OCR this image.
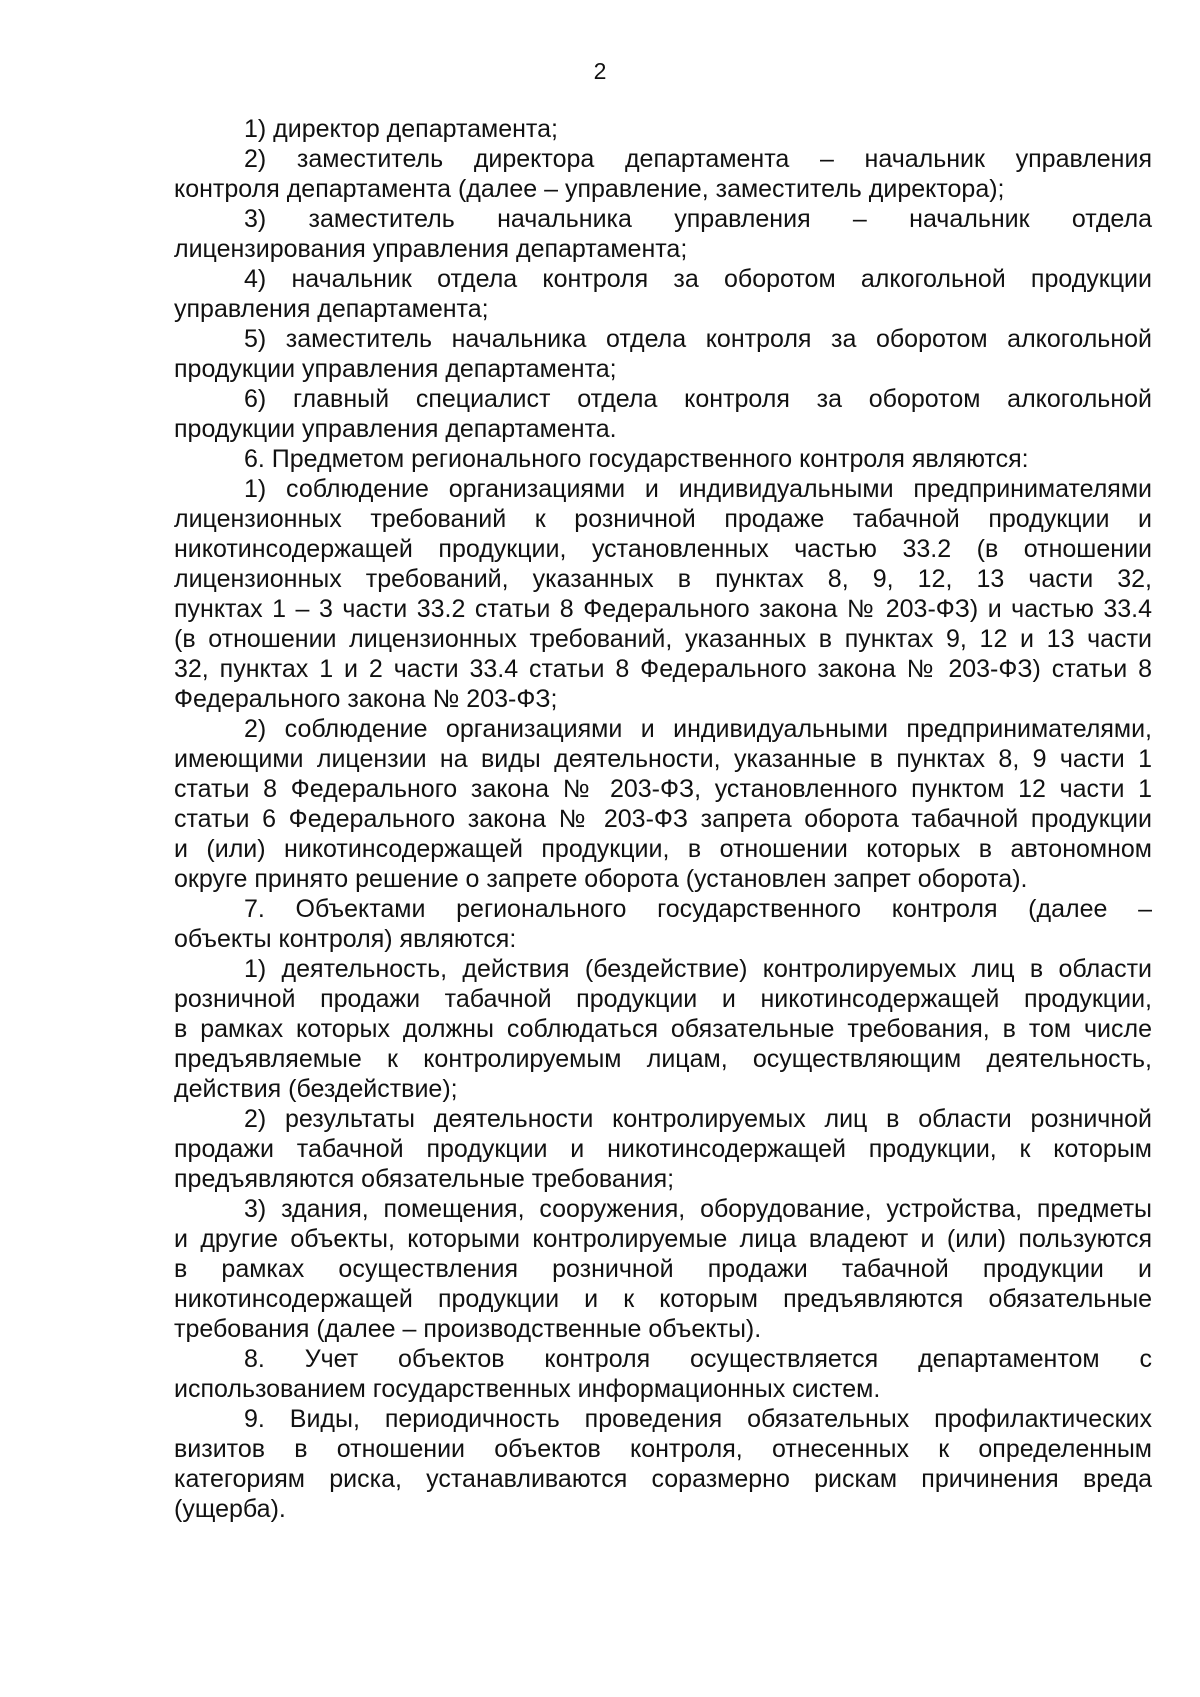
2
1) директор департамента;
2) заместитель директора департамента – начальник управления
контроля департамента (далее – управление, заместитель директора);
3) заместитель начальника управления – начальник отдела
лицензирования управления департамента;
4) начальник отдела контроля за оборотом алкогольной продукции
управления департамента;
5) заместитель начальника отдела контроля за оборотом алкогольной
продукции управления департамента;
6) главный специалист отдела контроля за оборотом алкогольной
продукции управления департамента.
6. Предметом регионального государственного контроля являются:
1) соблюдение организациями и индивидуальными предпринимателями
лицензионных требований к розничной продаже табачной продукции и
никотинсодержащей продукции, установленных частью 33.2 (в отношении
лицензионных требований, указанных в пунктах 8, 9, 12, 13 части 32,
пунктах 1 – 3 части 33.2 статьи 8 Федерального закона № 203-ФЗ) и частью 33.4
(в отношении лицензионных требований, указанных в пунктах 9, 12 и 13 части
32, пунктах 1 и 2 части 33.4 статьи 8 Федерального закона № 203-ФЗ) статьи 8
Федерального закона № 203-ФЗ;
2) соблюдение организациями и индивидуальными предпринимателями,
имеющими лицензии на виды деятельности, указанные в пунктах 8, 9 части 1
статьи 8 Федерального закона № 203-ФЗ, установленного пунктом 12 части 1
статьи 6 Федерального закона № 203-ФЗ запрета оборота табачной продукции
и (или) никотинсодержащей продукции, в отношении которых в автономном
округе принято решение о запрете оборота (установлен запрет оборота).
7. Объектами регионального государственного контроля (далее –
объекты контроля) являются:
1) деятельность, действия (бездействие) контролируемых лиц в области
розничной продажи табачной продукции и никотинсодержащей продукции,
в рамках которых должны соблюдаться обязательные требования, в том числе
предъявляемые к контролируемым лицам, осуществляющим деятельность,
действия (бездействие);
2) результаты деятельности контролируемых лиц в области розничной
продажи табачной продукции и никотинсодержащей продукции, к которым
предъявляются обязательные требования;
3) здания, помещения, сооружения, оборудование, устройства, предметы
и другие объекты, которыми контролируемые лица владеют и (или) пользуются
в рамках осуществления розничной продажи табачной продукции и
никотинсодержащей продукции и к которым предъявляются обязательные
требования (далее – производственные объекты).
8. Учет объектов контроля осуществляется департаментом с
использованием государственных информационных систем.
9. Виды, периодичность проведения обязательных профилактических
визитов в отношении объектов контроля, отнесенных к определенным
категориям риска, устанавливаются соразмерно рискам причинения вреда
(ущерба).
